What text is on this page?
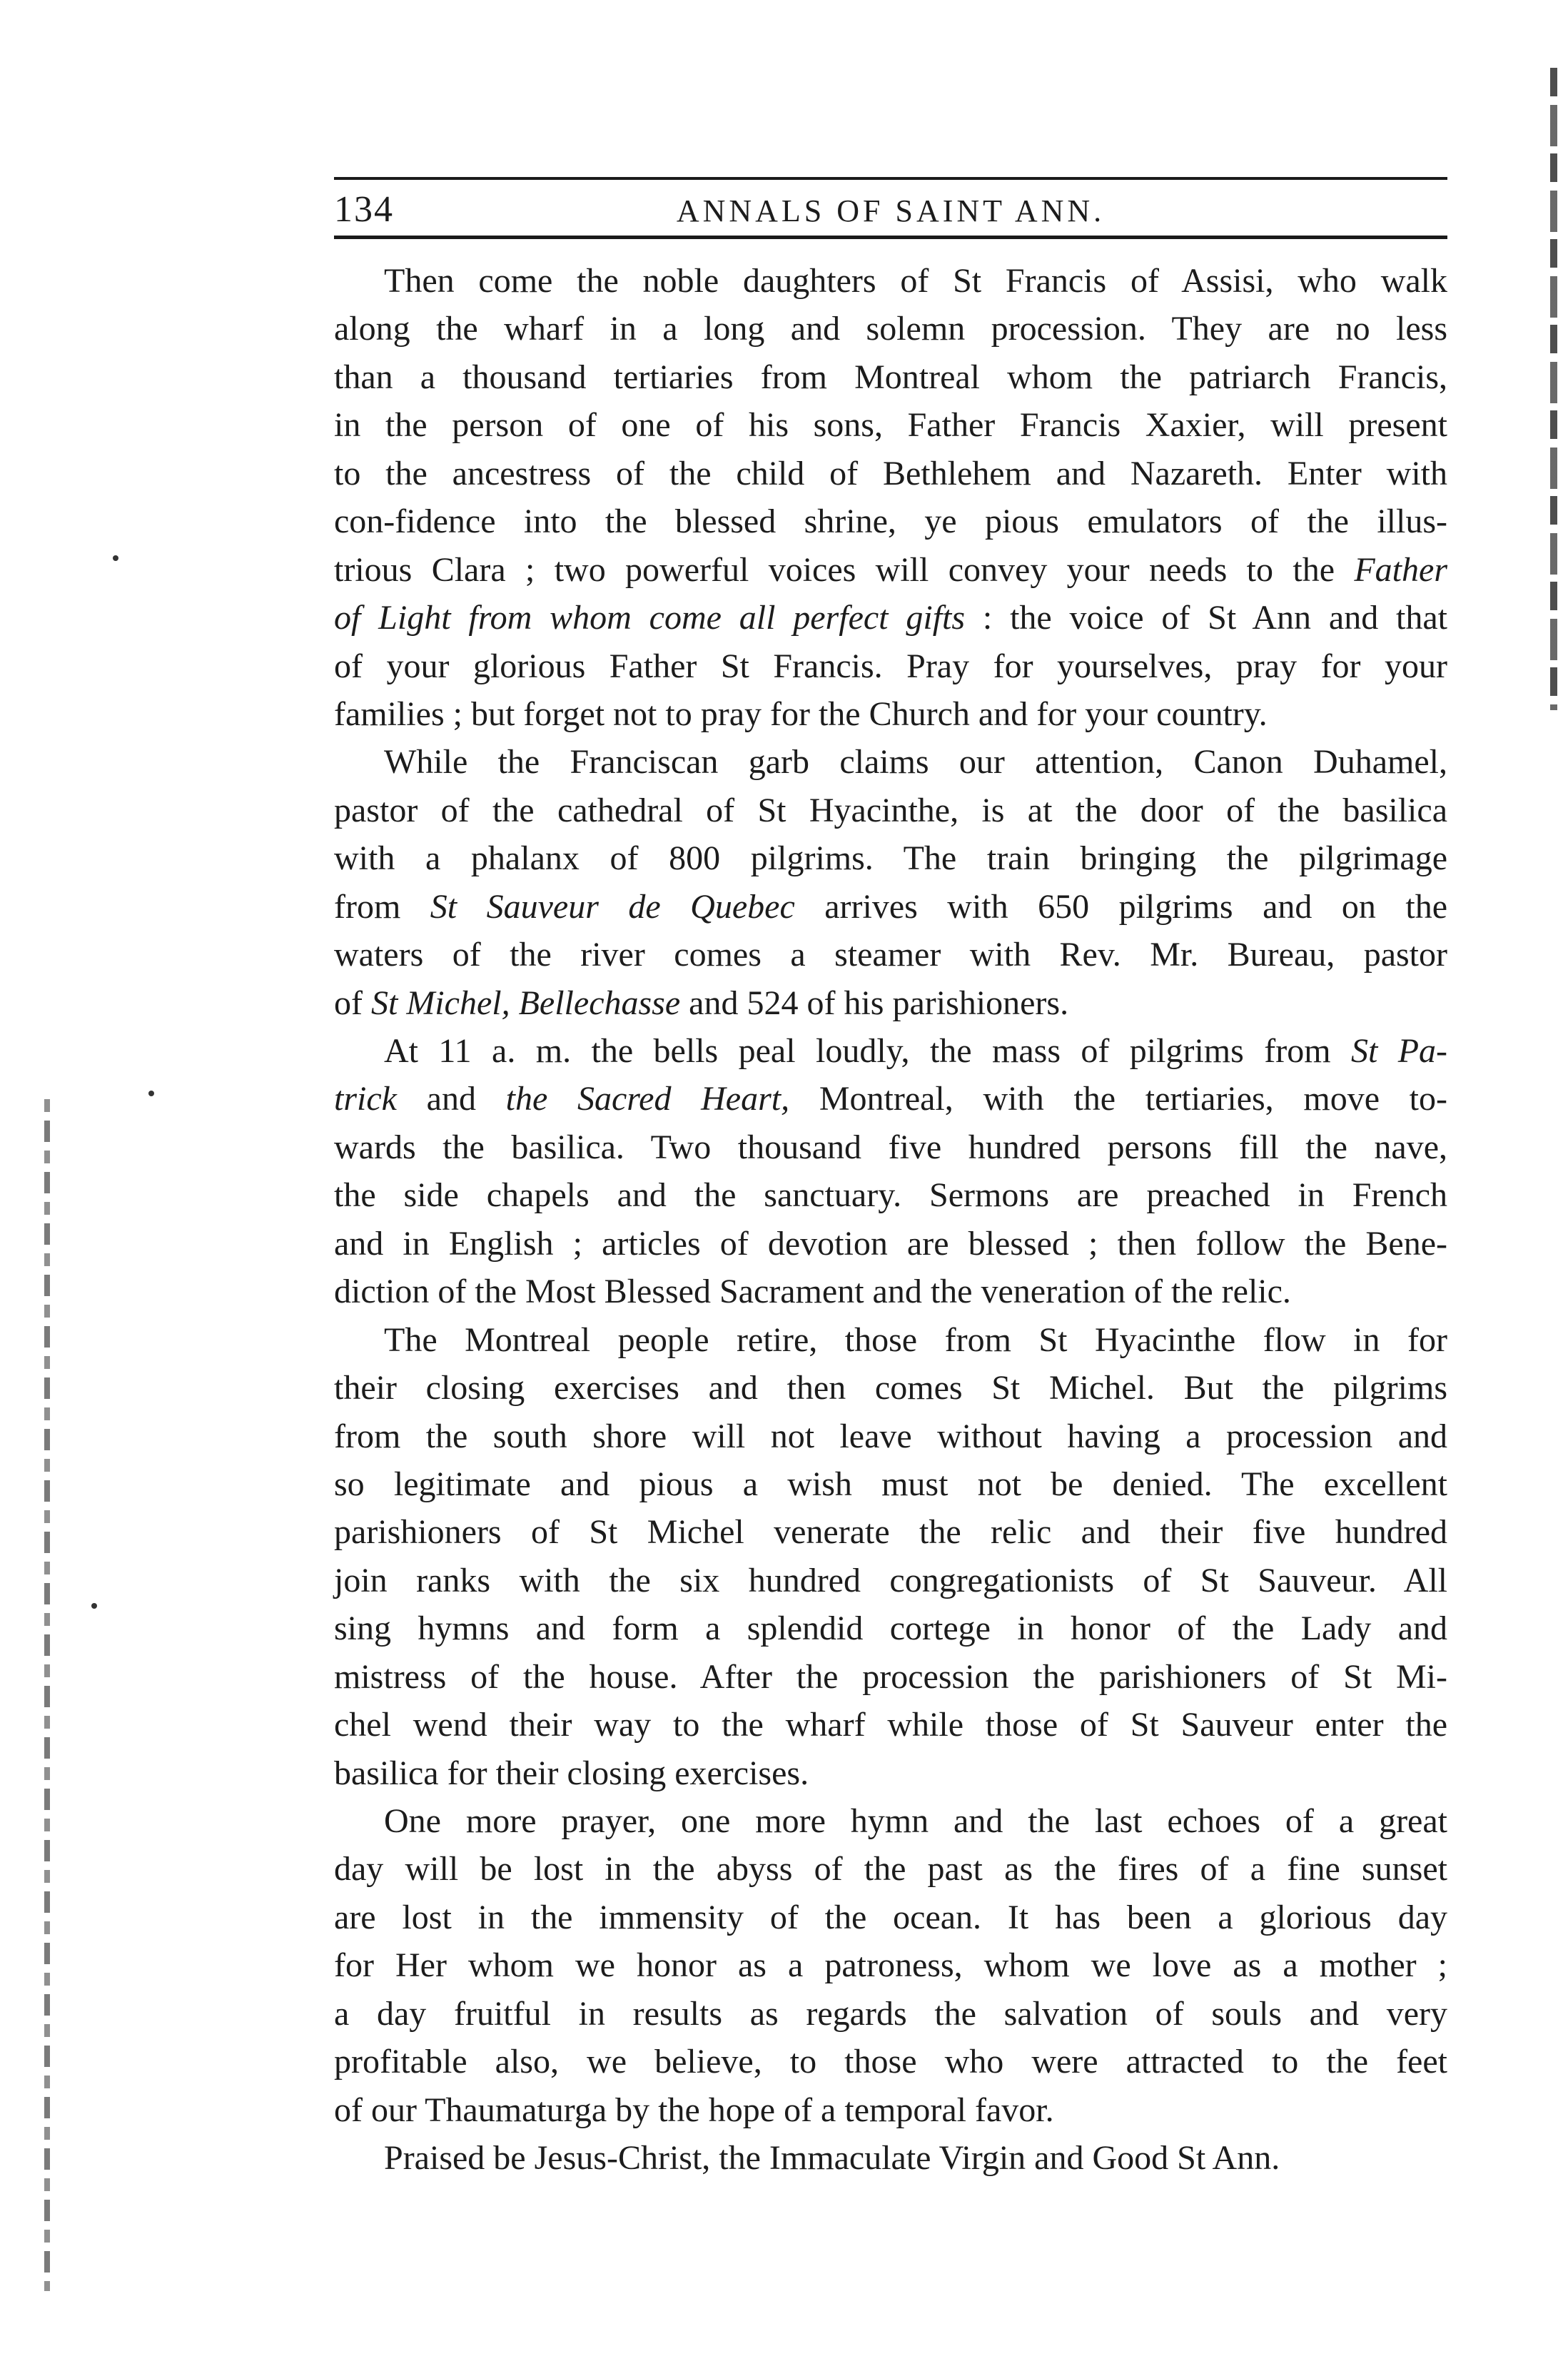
134	ANNALS OF SAINT ANN.
Then come the noble daughters of St Francis of Assisi, who walk
along the wharf in a long and solemn procession. They are no less
than a thousand tertiaries from Montreal whom the patriarch Francis,
in the person of one of his sons, Father Francis Xaxier, will present
to the ancestress of the child of Bethlehem and Nazareth. Enter with
con-fidence into the blessed shrine, ye pious emulators of the illus-
trious Clara ; two powerful voices will convey your needs to the Father
of Light from whom come all perfect gifts : the voice of St Ann and that
of your glorious Father St Francis. Pray for yourselves, pray for your
families ; but forget not to pray for the Church and for your country.
While the Franciscan garb claims our attention, Canon Duhamel,
pastor of the cathedral of St Hyacinthe, is at the door of the basilica
with a phalanx of 800 pilgrims. The train bringing the pilgrimage
from St Sauveur de Quebec arrives with 650 pilgrims and on the
waters of the river comes a steamer with Rev. Mr. Bureau, pastor
of St Michel, Bellechasse and 524 of his parishioners.
At 11 a. m. the bells peal loudly, the mass of pilgrims from St Pa-
trick and the Sacred Heart, Montreal, with the tertiaries, move to-
wards the basilica. Two thousand five hundred persons fill the nave,
the side chapels and the sanctuary. Sermons are preached in French
and in English ; articles of devotion are blessed ; then follow the Bene-
diction of the Most Blessed Sacrament and the veneration of the relic.
The Montreal people retire, those from St Hyacinthe flow in for
their closing exercises and then comes St Michel. But the pilgrims
from the south shore will not leave without having a procession and
so legitimate and pious a wish must not be denied. The excellent
parishioners of St Michel venerate the relic and their five hundred
join ranks with the six hundred congregationists of St Sauveur. All
sing hymns and form a splendid cortege in honor of the Lady and
mistress of the house. After the procession the parishioners of St Mi-
chel wend their way to the wharf while those of St Sauveur enter the
basilica for their closing exercises.
One more prayer, one more hymn and the last echoes of a great
day will be lost in the abyss of the past as the fires of a fine sunset
are lost in the immensity of the ocean. It has been a glorious day
for Her whom we honor as a patroness, whom we love as a mother ;
a day fruitful in results as regards the salvation of souls and very
profitable also, we believe, to those who were attracted to the feet
of our Thaumaturga by the hope of a temporal favor.
Praised be Jesus-Christ, the Immaculate Virgin and Good St Ann.
